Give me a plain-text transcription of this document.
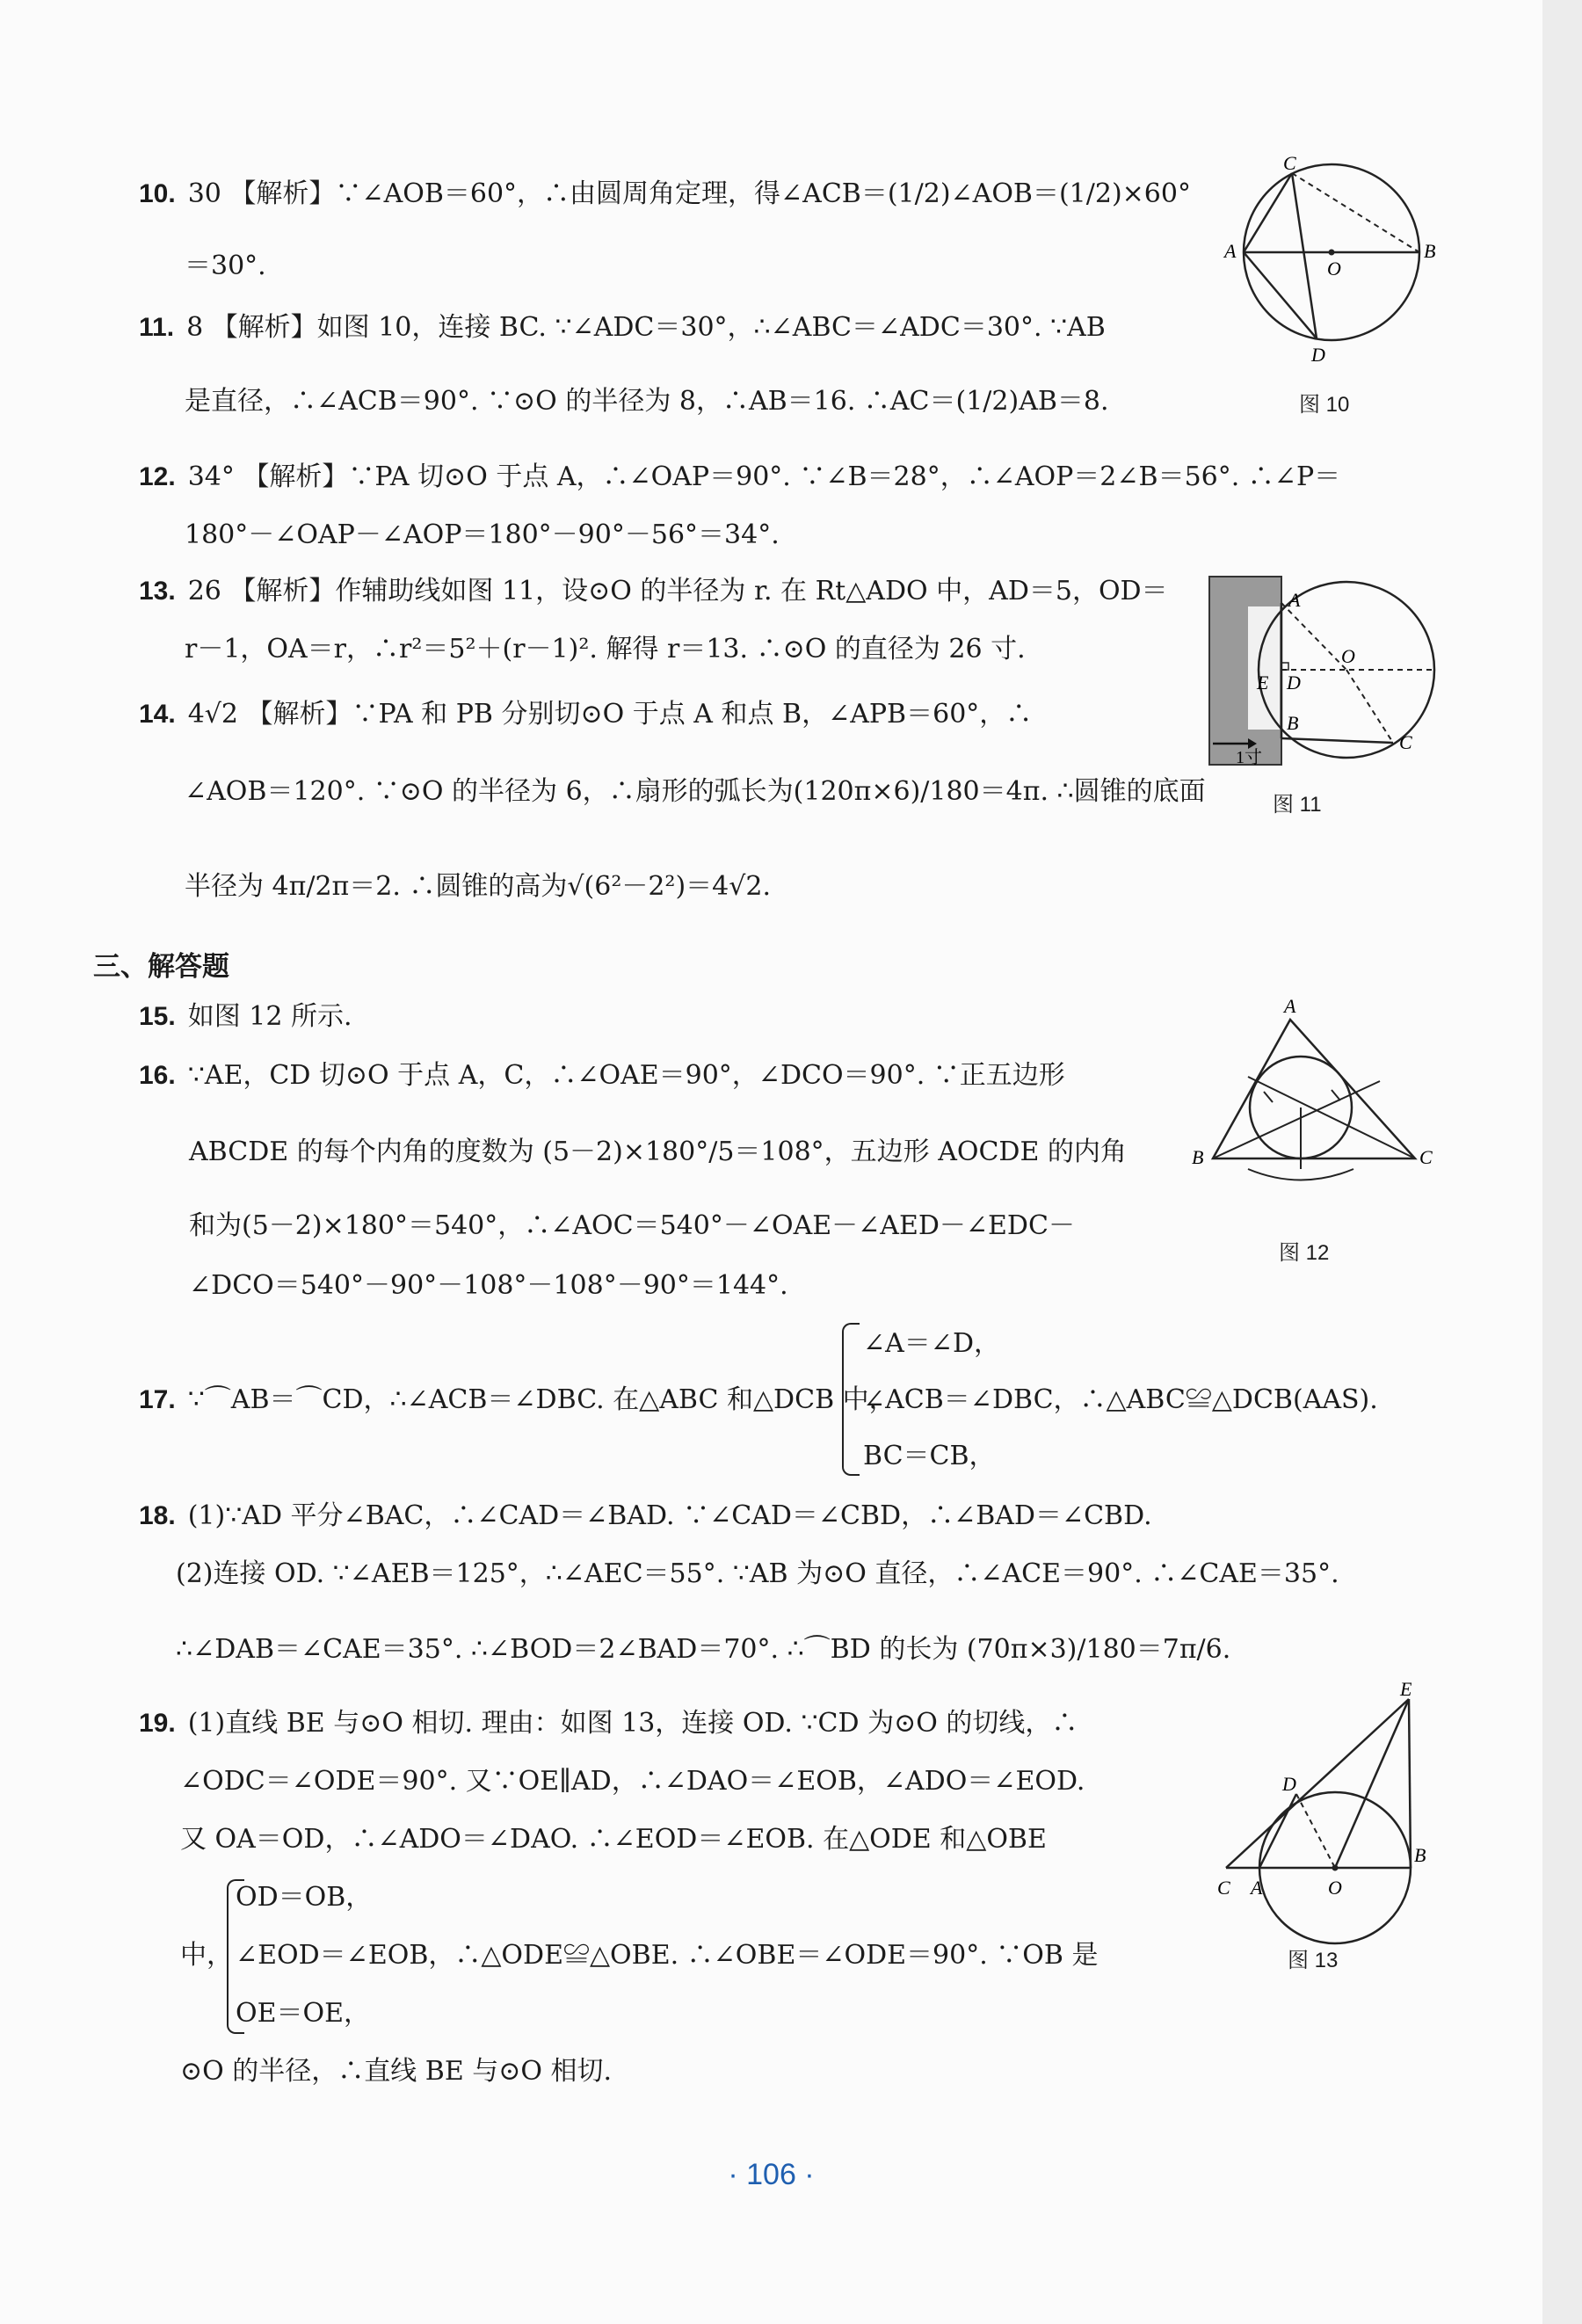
10. 30 【解析】∵∠AOB＝60°，∴由圆周角定理，得∠ACB＝(1/2)∠AOB＝(1/2)×60°
＝30°.
11. 8 【解析】如图 10，连接 BC. ∵∠ADC＝30°，∴∠ABC＝∠ADC＝30°. ∵AB
是直径，∴∠ACB＝90°. ∵⊙O 的半径为 8，∴AB＝16. ∴AC＝(1/2)AB＝8.
12. 34° 【解析】∵PA 切⊙O 于点 A，∴∠OAP＝90°. ∵∠B＝28°，∴∠AOP＝2∠B＝56°. ∴∠P＝
180°－∠OAP－∠AOP＝180°－90°－56°＝34°.
13. 26 【解析】作辅助线如图 11，设⊙O 的半径为 r. 在 Rt△ADO 中，AD＝5，OD＝
r－1，OA＝r，∴r²＝5²＋(r－1)². 解得 r＝13. ∴⊙O 的直径为 26 寸.
14. 4√2 【解析】∵PA 和 PB 分别切⊙O 于点 A 和点 B，∠APB＝60°，∴
∠AOB＝120°. ∵⊙O 的半径为 6，∴扇形的弧长为(120π×6)/180＝4π. ∴圆锥的底面
半径为 4π/2π＝2. ∴圆锥的高为√(6²－2²)＝4√2.
三、解答题
15. 如图 12 所示.
16. ∵AE，CD 切⊙O 于点 A，C，∴∠OAE＝90°，∠DCO＝90°. ∵正五边形
ABCDE 的每个内角的度数为 (5－2)×180°/5＝108°，五边形 AOCDE 的内角
和为(5－2)×180°＝540°，∴∠AOC＝540°－∠OAE－∠AED－∠EDC－
∠DCO＝540°－90°－108°－108°－90°＝144°.
17. ∵⌒AB＝⌒CD，∴∠ACB＝∠DBC. 在△ABC 和△DCB 中，
∠A＝∠D，
∠ACB＝∠DBC，∴△ABC≌△DCB(AAS).
BC＝CB，
18. (1)∵AD 平分∠BAC，∴∠CAD＝∠BAD. ∵∠CAD＝∠CBD，∴∠BAD＝∠CBD.
(2)连接 OD. ∵∠AEB＝125°，∴∠AEC＝55°. ∵AB 为⊙O 直径，∴∠ACE＝90°. ∴∠CAE＝35°.
∴∠DAB＝∠CAE＝35°. ∴∠BOD＝2∠BAD＝70°. ∴⌒BD 的长为 (70π×3)/180＝7π/6.
19. (1)直线 BE 与⊙O 相切. 理由：如图 13，连接 OD. ∵CD 为⊙O 的切线，∴
∠ODC＝∠ODE＝90°. 又∵OE∥AD，∴∠DAO＝∠EOB，∠ADO＝∠EOD.
又 OA＝OD，∴∠ADO＝∠DAO. ∴∠EOD＝∠EOB. 在△ODE 和△OBE
中，
OD＝OB，
∠EOD＝∠EOB，∴△ODE≌△OBE. ∴∠OBE＝∠ODE＝90°. ∵OB 是
OE＝OE，
⊙O 的半径，∴直线 BE 与⊙O 相切.
C
A
O
B
D
图 10
A
O
E D
B
C
1寸
图 11
A
B	C
图 12
E
D
C A	O
B
图 13
· 106 ·
